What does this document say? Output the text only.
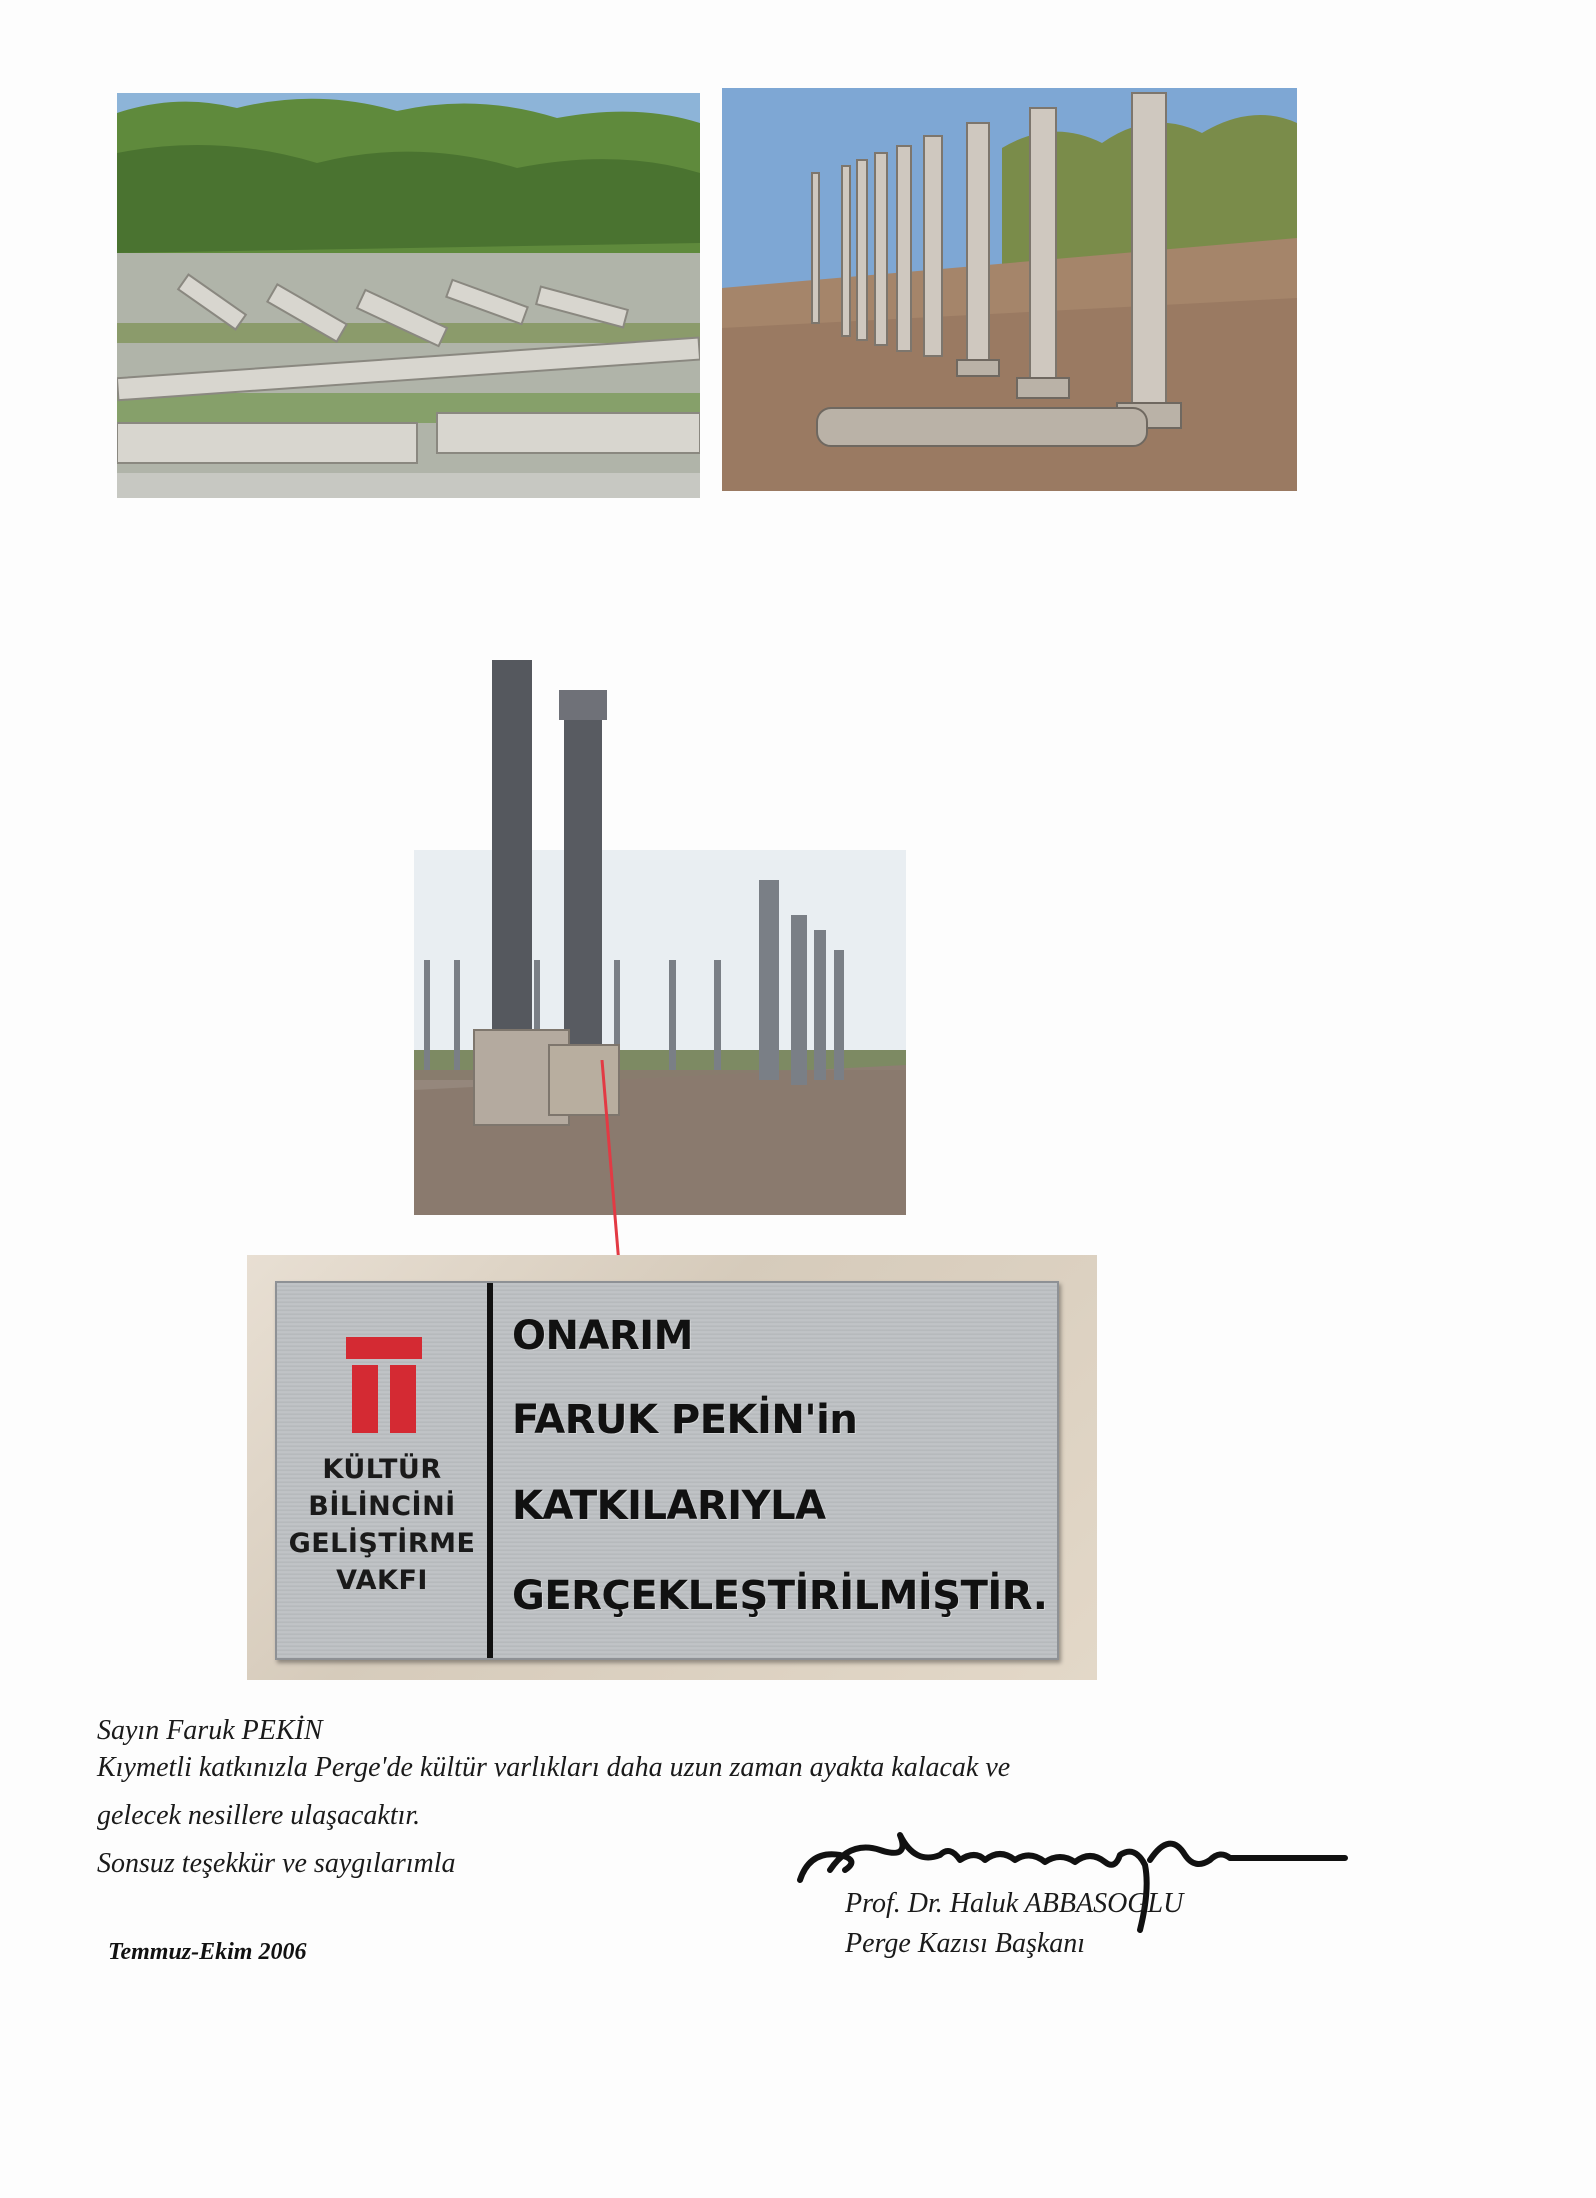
KÜLTÜR
BİLİNCİNİ
GELİŞTİRME
VAKFI
ONARIM
FARUK PEKİN'in
KATKILARIYLA
GERÇEKLEŞTİRİLMİŞTİR.
Sayın Faruk PEKİN
Kıymetli katkınızla Perge'de kültür varlıkları daha uzun zaman ayakta kalacak ve
gelecek nesillere ulaşacaktır.
Sonsuz teşekkür ve saygılarımla
Temmuz-Ekim 2006
Prof. Dr. Haluk ABBASOGLU
Perge Kazısı Başkanı
